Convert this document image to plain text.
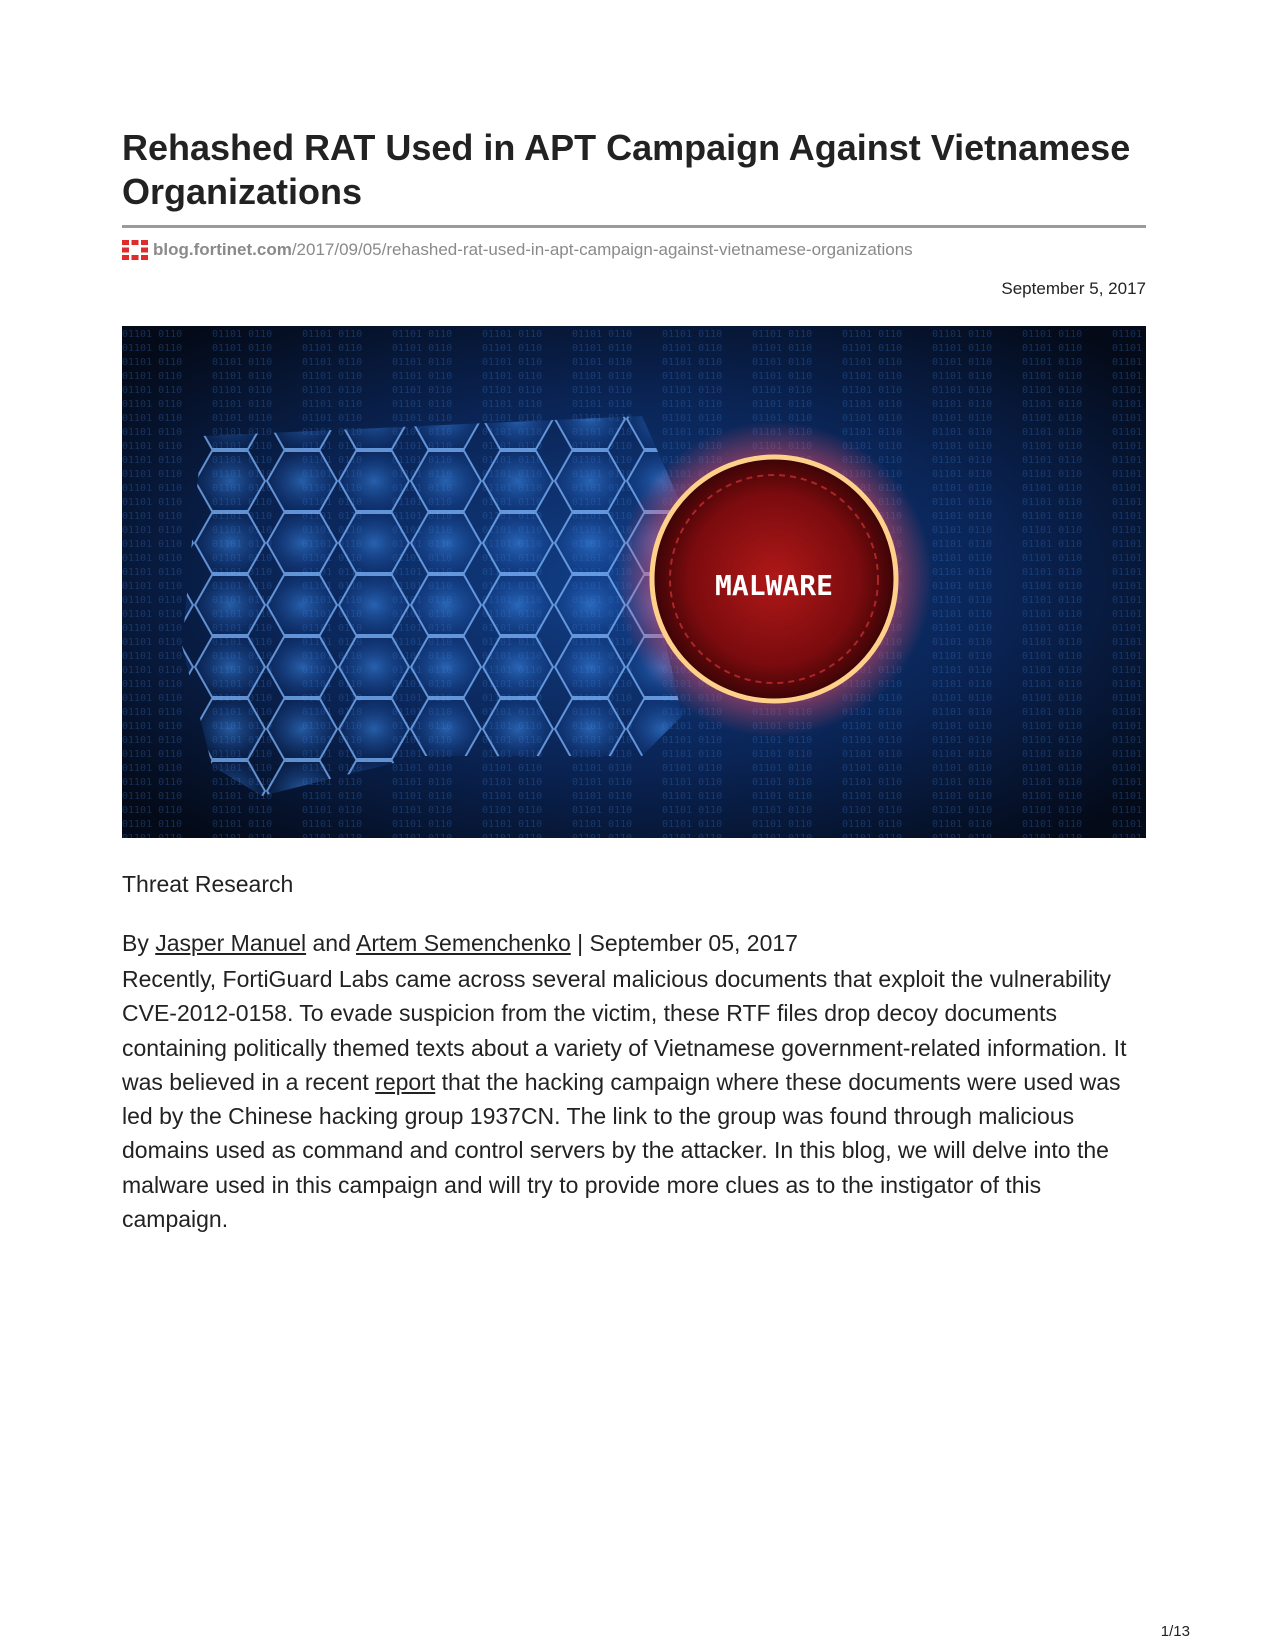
Rehashed RAT Used in APT Campaign Against Vietnamese Organizations
blog.fortinet.com /2017/09/05/rehashed-rat-used-in-apt-campaign-against-vietnamese-organizations
September 5, 2017
MALWARE
Threat Research
By Jasper Manuel and Artem Semenchenko | September 05, 2017

Recently, FortiGuard Labs came across several malicious documents that exploit the vulnerability CVE-2012-0158. To evade suspicion from the victim, these RTF files drop decoy documents containing politically themed texts about a variety of Vietnamese government-related information. It was believed in a recent report that the hacking campaign where these documents were used was led by the Chinese hacking group 1937CN. The link to the group was found through malicious domains used as command and control servers by the attacker. In this blog, we will delve into the malware used in this campaign and will try to provide more clues as to the instigator of this campaign.

1/13
